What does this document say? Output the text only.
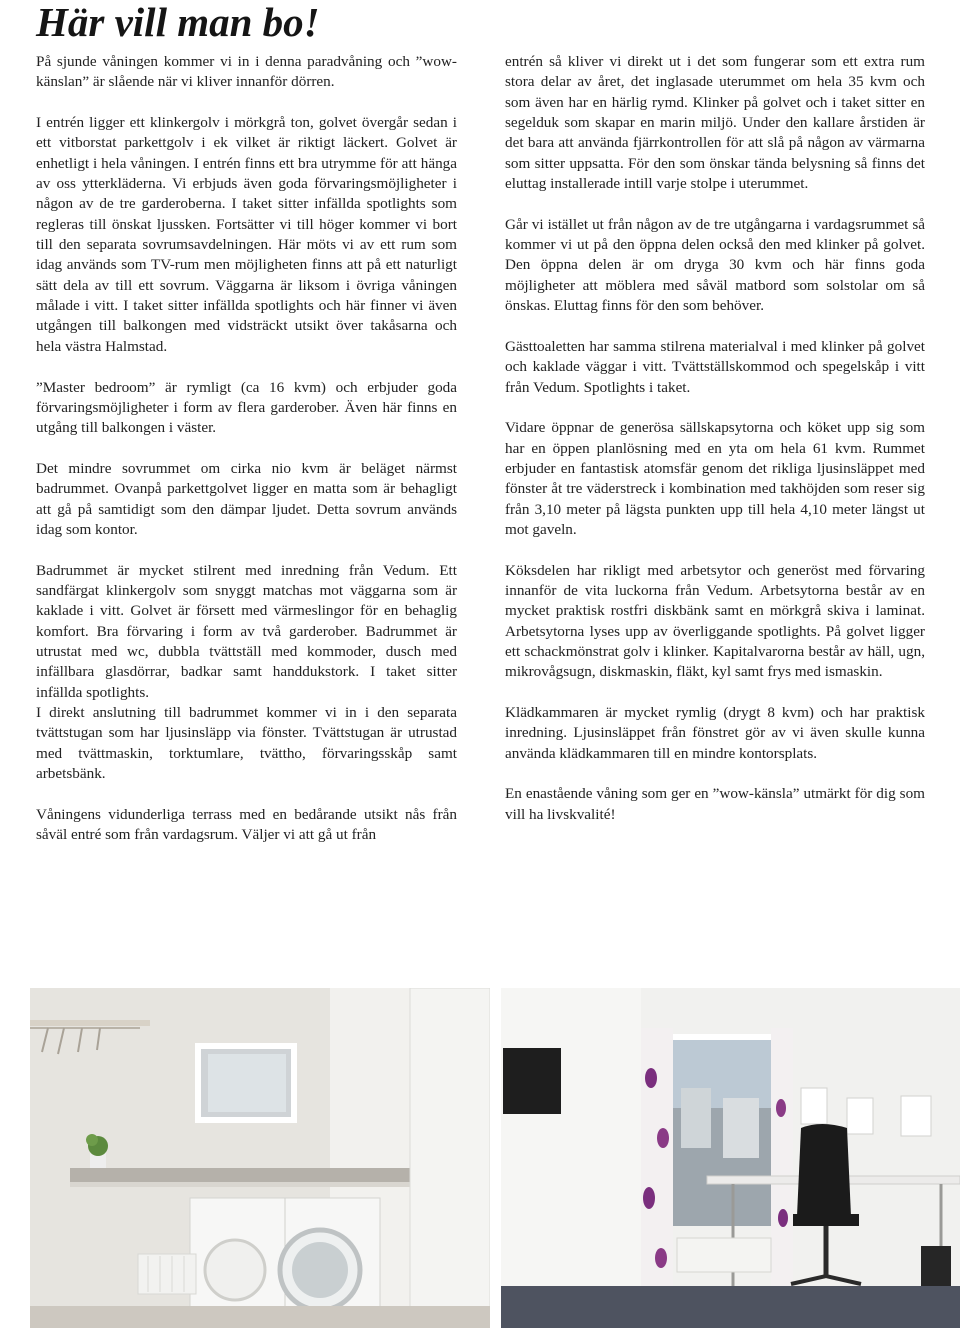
Här vill man bo!

På sjunde våningen kommer vi in i denna paradvåning och ”wow-känslan” är slående när vi kliver innanför dörren.

I entrén ligger ett klinkergolv i mörkgrå ton, golvet övergår sedan i ett vitborstat parkettgolv i ek vilket är riktigt läckert. Golvet är enhetligt i hela våningen. I entrén finns ett bra utrymme för att hänga av oss ytterkläderna. Vi erbjuds även goda förvaringsmöjligheter i någon av de tre garderoberna. I taket sitter infällda spotlights som regleras till önskat ljussken. Fortsätter vi till höger kommer vi bort till den separata sovrumsavdelningen. Här möts vi av ett rum som idag används som TV-rum men möjligheten finns att på ett naturligt sätt dela av till ett sovrum. Väggarna är liksom i övriga våningen målade i vitt. I taket sitter infällda spotlights och här finner vi även utgången till balkongen med vidsträckt utsikt över takåsarna och hela västra Halmstad.

”Master bedroom” är rymligt (ca 16 kvm) och erbjuder goda förvaringsmöjligheter i form av flera garderober. Även här finns en utgång till balkongen i väster.

Det mindre sovrummet om cirka nio kvm är beläget närmst badrummet. Ovanpå parkettgolvet ligger en matta som är behagligt att gå på samtidigt som den dämpar ljudet. Detta sovrum används idag som kontor.

Badrummet är mycket stilrent med inredning från Vedum. Ett sandfärgat klinkergolv som snyggt matchas mot väggarna som är kaklade i vitt. Golvet är försett med värmeslingor för en behaglig komfort. Bra förvaring i form av två garderober. Badrummet är utrustat med wc, dubbla tvättställ med kommoder, dusch med infällbara glasdörrar, badkar samt handdukstork. I taket sitter infällda spotlights.

I direkt anslutning till badrummet kommer vi in i den separata tvättstugan som har ljusinsläpp via fönster. Tvättstugan är utrustad med tvättmaskin, torktumlare, tvättho, förvaringsskåp samt arbetsbänk.

Våningens vidunderliga terrass med en bedårande utsikt nås från såväl entré som från vardagsrum. Väljer vi att gå ut från

entrén så kliver vi direkt ut i det som fungerar som ett extra rum stora delar av året, det inglasade uterummet om hela 35 kvm och som även har en härlig rymd. Klinker på golvet och i taket sitter en segelduk som skapar en marin miljö. Under den kallare årstiden är det bara att använda fjärrkontrollen för att slå på någon av värmarna som sitter uppsatta. För den som önskar tända belysning så finns det eluttag installerade intill varje stolpe i uterummet.

Går vi istället ut från någon av de tre utgångarna i vardagsrummet så kommer vi ut på den öppna delen också den med klinker på golvet. Den öppna delen är om dryga 30 kvm och här finns goda möjligheter att möblera med såväl matbord som solstolar om så önskas. Eluttag finns för den som behöver.

Gästtoaletten har samma stilrena materialval i med klinker på golvet och kaklade väggar i vitt. Tvättställskommod och spegelskåp i vitt från Vedum. Spotlights i taket.

Vidare öppnar de generösa sällskapsytorna och köket upp sig som har en öppen planlösning med en yta om hela 61 kvm. Rummet erbjuder en fantastisk atomsfär genom det rikliga ljusinsläppet med fönster åt tre väderstreck i kombination med takhöjden som reser sig från 3,10 meter på lägsta punkten upp till hela 4,10 meter längst ut mot gaveln.

Köksdelen har rikligt med arbetsytor och generöst med förvaring innanför de vita luckorna från Vedum. Arbetsytorna består av en mycket praktisk rostfri diskbänk samt en mörkgrå skiva i laminat. Arbetsytorna lyses upp av överliggande spotlights. På golvet ligger ett schackmönstrat golv i klinker. Kapitalvarorna består av häll, ugn, mikrovågsugn, diskmaskin, fläkt, kyl samt frys med ismaskin.

Klädkammaren är mycket rymlig (drygt 8 kvm) och har praktisk inredning. Ljusinsläppet från fönstret gör av vi även skulle kunna använda klädkammaren till en mindre kontorsplats.

En enastående våning som ger en ”wow-känsla” utmärkt för dig som vill ha livskvalité!
